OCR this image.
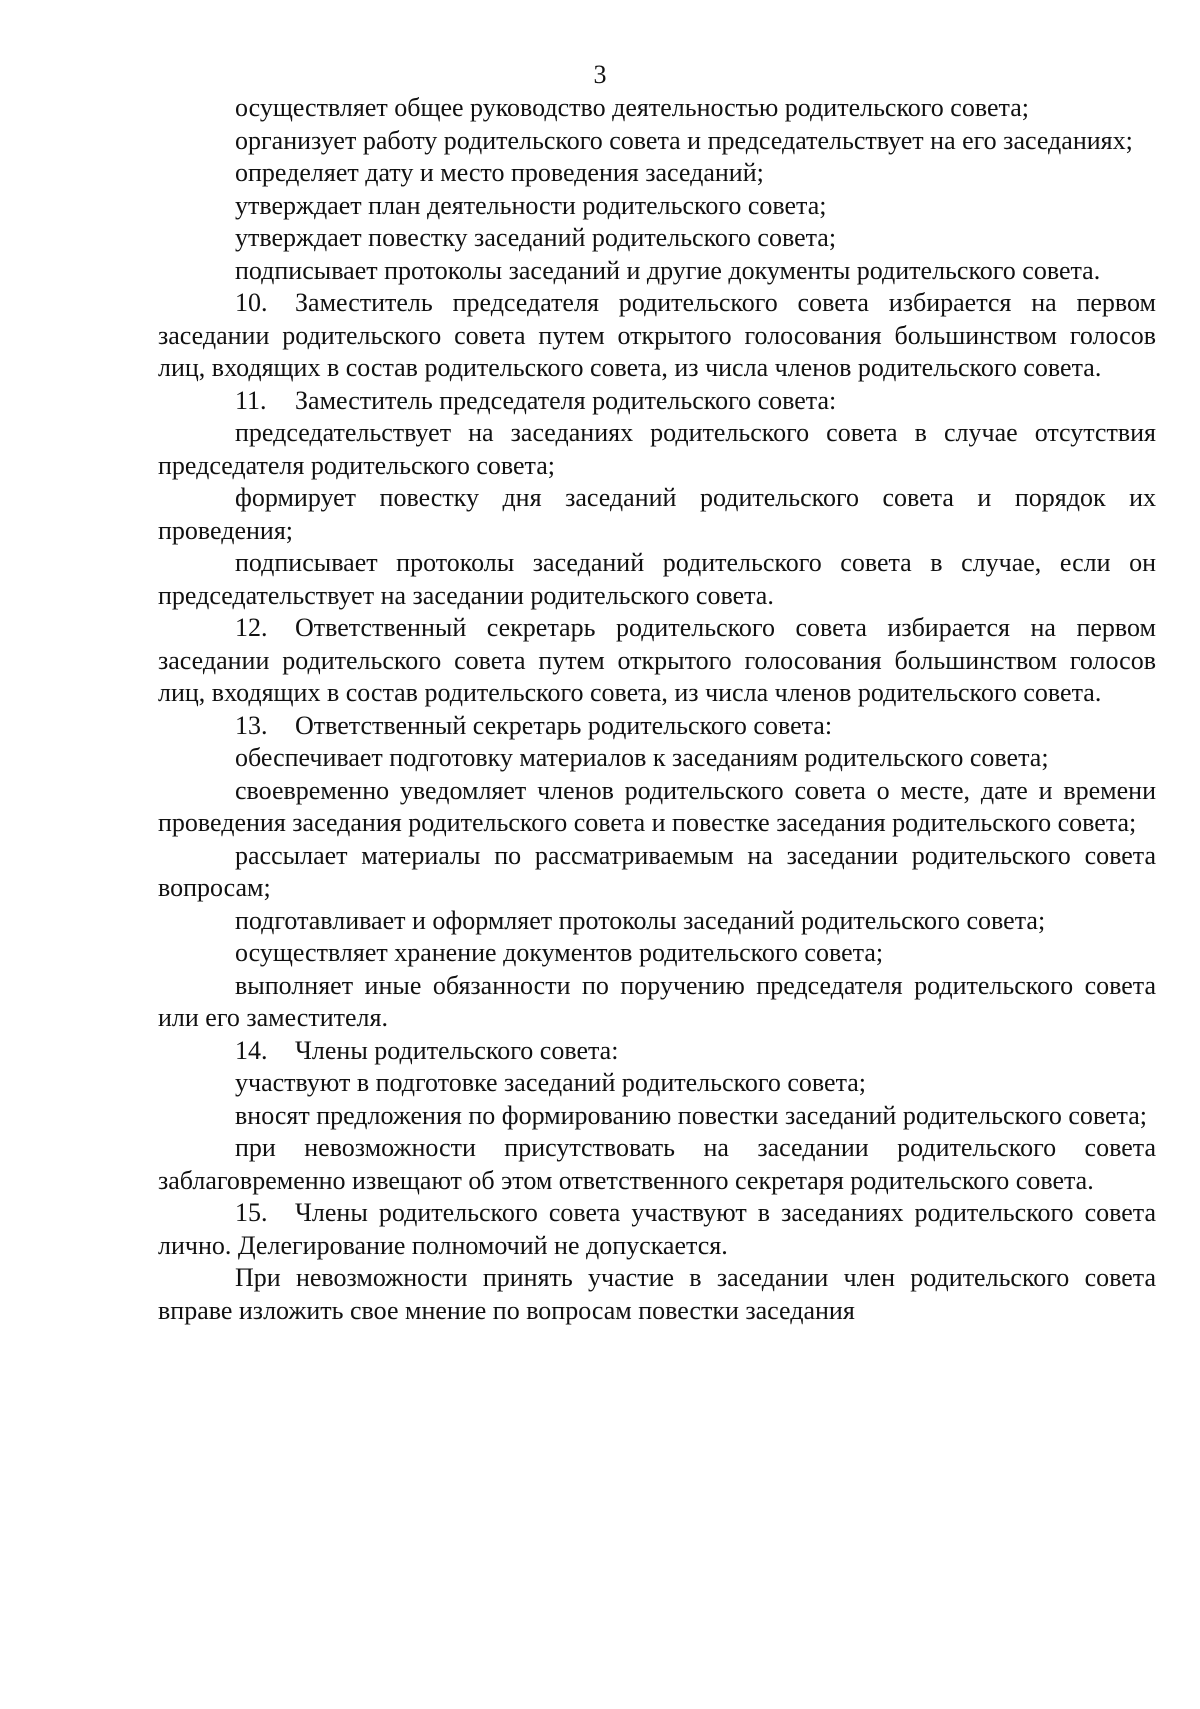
3

осуществляет общее руководство деятельностью родительского совета;

организует работу родительского совета и председательствует на его заседаниях;

определяет дату и место проведения заседаний;

утверждает план деятельности родительского совета;

утверждает повестку заседаний родительского совета;

подписывает протоколы заседаний и другие документы родительского совета.

10. Заместитель председателя родительского совета избирается на первом заседании родительского совета путем открытого голосования большинством голосов лиц, входящих в состав родительского совета, из числа членов родительского совета.

11. Заместитель председателя родительского совета:

председательствует на заседаниях родительского совета в случае отсутствия председателя родительского совета;

формирует повестку дня заседаний родительского совета и порядок их проведения;

подписывает протоколы заседаний родительского совета в случае, если он председательствует на заседании родительского совета.

12. Ответственный секретарь родительского совета избирается на первом заседании родительского совета путем открытого голосования большинством голосов лиц, входящих в состав родительского совета, из числа членов родительского совета.

13. Ответственный секретарь родительского совета:

обеспечивает подготовку материалов к заседаниям родительского совета;

своевременно уведомляет членов родительского совета о месте, дате и времени проведения заседания родительского совета и повестке заседания родительского совета;

рассылает материалы по рассматриваемым на заседании родительского совета вопросам;

подготавливает и оформляет протоколы заседаний родительского совета;

осуществляет хранение документов родительского совета;

выполняет иные обязанности по поручению председателя родительского совета или его заместителя.

14. Члены родительского совета:

участвуют в подготовке заседаний родительского совета;

вносят предложения по формированию повестки заседаний родительского совета;

при невозможности присутствовать на заседании родительского совета заблаговременно извещают об этом ответственного секретаря родительского совета.

15. Члены родительского совета участвуют в заседаниях родительского совета лично. Делегирование полномочий не допускается.

При невозможности принять участие в заседании член родительского совета вправе изложить свое мнение по вопросам повестки заседания
